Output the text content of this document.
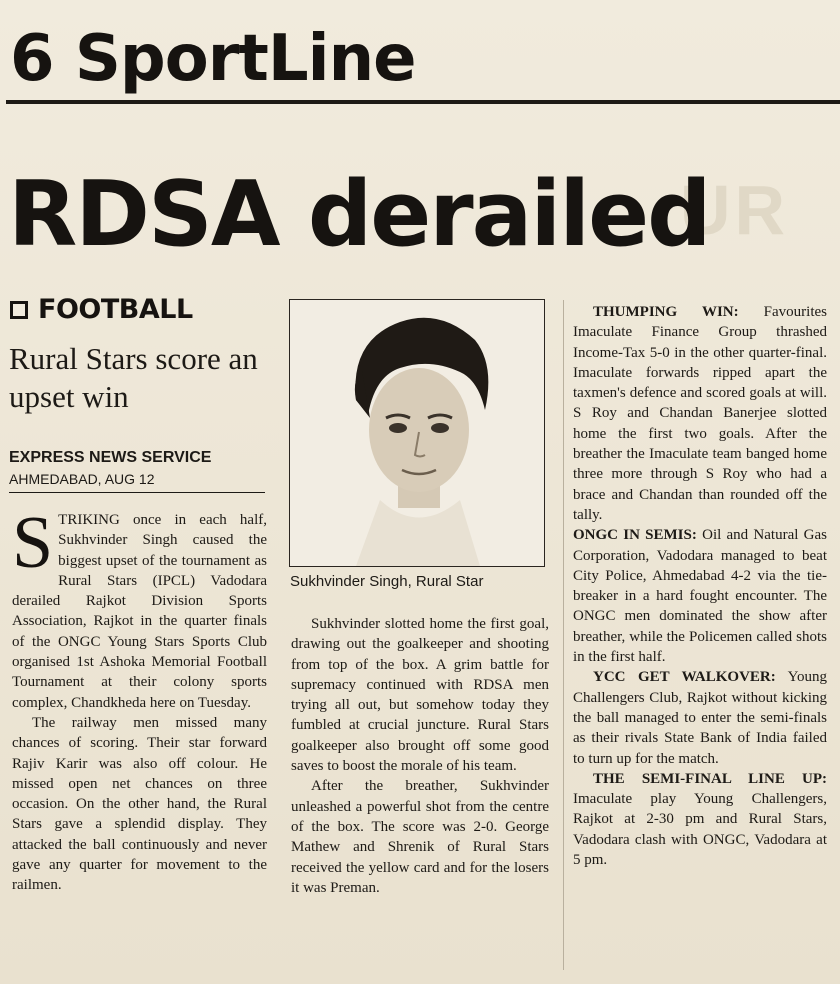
UR
6 SportLine
RDSA derailed
FOOTBALL
Rural Stars score an upset win
EXPRESS NEWS SERVICE
AHMEDABAD, AUG 12

STRIKING once in each half, Sukhvinder Singh caused the biggest upset of the tournament as Rural Stars (IPCL) Vadodara derailed Rajkot Division Sports Association, Rajkot in the quarter finals of the ONGC Young Stars Sports Club organised 1st Ashoka Memorial Football Tournament at their colony sports complex, Chandkheda here on Tuesday.

The railway men missed many chances of scoring. Their star forward Rajiv Karir was also off colour. He missed open net chances on three occasion. On the other hand, the Rural Stars gave a splendid display. They attacked the ball continuously and never gave any quarter for movement to the railmen.

Sukhvinder Singh, Rural Star

Sukhvinder slotted home the first goal, drawing out the goalkeeper and shooting from top of the box. A grim battle for supremacy continued with RDSA men trying all out, but somehow today they fumbled at crucial juncture. Rural Stars goalkeeper also brought off some good saves to boost the morale of his team.

After the breather, Sukhvinder unleashed a powerful shot from the centre of the box. The score was 2-0. George Mathew and Shrenik of Rural Stars received the yellow card and for the losers it was Preman.

THUMPING WIN: Favourites Imaculate Finance Group thrashed Income-Tax 5-0 in the other quarter-final. Imaculate forwards ripped apart the taxmen's defence and scored goals at will. S Roy and Chandan Banerjee slotted home the first two goals. After the breather the Imaculate team banged home three more through S Roy who had a brace and Chandan than rounded off the tally.

ONGC IN SEMIS: Oil and Natural Gas Corporation, Vadodara managed to beat City Police, Ahmedabad 4-2 via the tie-breaker in a hard fought encounter. The ONGC men dominated the show after breather, while the Policemen called shots in the first half.

YCC GET WALKOVER: Young Challengers Club, Rajkot without kicking the ball managed to enter the semi-finals as their rivals State Bank of India failed to turn up for the match.

THE SEMI-FINAL LINE UP: Imaculate play Young Challengers, Rajkot at 2-30 pm and Rural Stars, Vadodara clash with ONGC, Vadodara at 5 pm.
